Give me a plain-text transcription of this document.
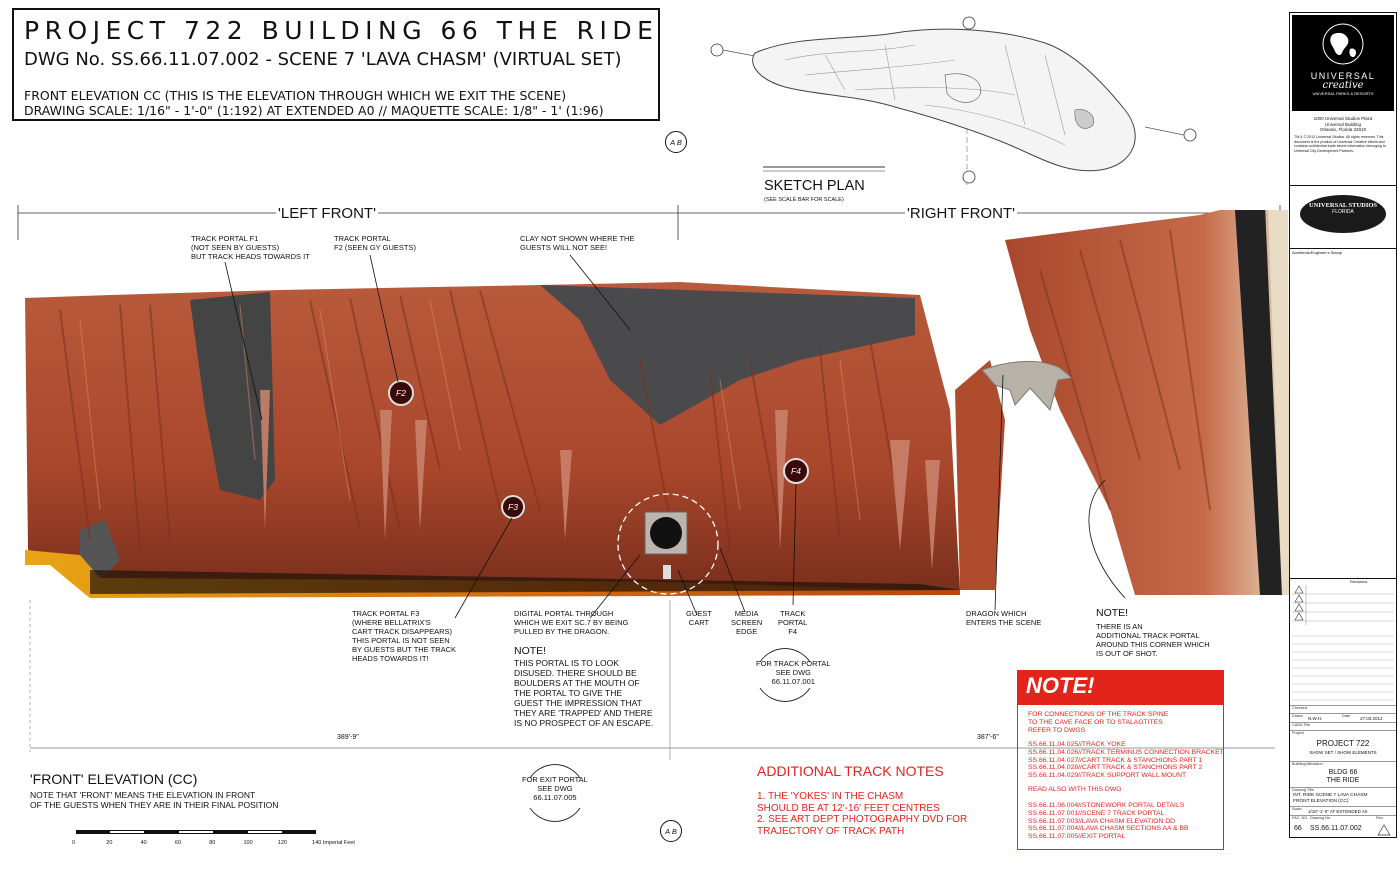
PROJECT 722 BUILDING 66 THE RIDE
DWG No. SS.66.11.07.002 - SCENE 7 'LAVA CHASM' (VIRTUAL SET)
FRONT ELEVATION CC (THIS IS THE ELEVATION THROUGH WHICH WE EXIT THE SCENE)
DRAWING SCALE: 1/16" - 1'-0" (1:192) AT EXTENDED A0 // MAQUETTE SCALE: 1/8" - 1' (1:96)
A B
A B
SKETCH PLAN
(SEE SCALE BAR FOR SCALE)
'LEFT FRONT'	'RIGHT FRONT'
F2
F3
F4
TRACK PORTAL F1
(NOT SEEN BY GUESTS)
BUT TRACK HEADS TOWARDS IT
TRACK PORTAL
F2 (SEEN GY GUESTS)
CLAY NOT SHOWN WHERE THE
GUESTS WILL NOT SEE!
TRACK PORTAL F3
(WHERE BELLATRIX'S
CART TRACK DISAPPEARS)
THIS PORTAL IS NOT SEEN
BY GUESTS BUT THE TRACK
HEADS TOWARDS IT!
DIGITAL PORTAL THROUGH
WHICH WE EXIT SC.7 BY BEING
PULLED BY THE DRAGON.
GUEST
CART
MEDIA
SCREEN
EDGE
TRACK
PORTAL
F4
DRAGON WHICH
ENTERS THE SCENE
NOTE!
THIS PORTAL IS TO LOOK
DISUSED. THERE SHOULD BE
BOULDERS AT THE MOUTH OF
THE PORTAL TO GIVE THE
GUEST THE IMPRESSION THAT
THEY ARE 'TRAPPED' AND THERE
IS NO PROSPECT OF AN ESCAPE.
NOTE!
THERE IS AN
ADDITIONAL TRACK PORTAL
AROUND THIS CORNER WHICH
IS OUT OF SHOT.
FOR TRACK PORTAL
SEE DWG
66.11.07.001
FOR EXIT PORTAL
SEE DWG
66.11.07.005
389'-9"	387'-6"
'FRONT' ELEVATION (CC)
NOTE THAT 'FRONT' MEANS THE ELEVATION IN FRONT
OF THE GUESTS WHEN THEY ARE IN THEIR FINAL POSITION
0	20	40	60	80	100	120	140 Imperial Feet
ADDITIONAL TRACK NOTES
1. THE 'YOKES' IN THE CHASM
SHOULD BE AT 12'-16' FEET CENTRES
2. SEE ART DEPT PHOTOGRAPHY DVD FOR
TRAJECTORY OF TRACK PATH
NOTE!
FOR CONNECTIONS OF THE TRACK SPINE
TO THE CAVE FACE OR TO STALAGTITES
REFER TO DWGS
SS.66.11.04.025//TRACK YOKE
SS.66.11.04.026//TRACK TERMINUS CONNECTION BRACKET
SS.66.11.04.027//CART TRACK & STANCHIONS PART 1
SS.66.11.04.028//CART TRACK & STANCHIONS PART 2
SS.66.11.04.029//TRACK SUPPORT WALL MOUNT
READ ALSO WITH THIS DWG
SS.66.11.06.004//STONEWORK PORTAL DETAILS
SS.66.11.07.001//SCENE 7 TRACK PORTAL
SS.66.11.07.003//LAVA CHASM ELEVATION DD
SS.66.11.07.004//LAVA CHASM SECTIONS AA & BB
SS.66.11.07.005//EXIT PORTAL
UNIVERSAL
creative
UNIVERSAL PARKS & RESORTS
1000 Universal Studios Plaza
Universal Building
Orlando, Florida 32819
TM & © 2012 Universal Studios. All rights reserved. This document is the product of Universal Creative efforts and contains confidential trade secret information belonging to Universal City Development Partners.
UNIVERSAL STUDIOS
FLORIDA
Architects/Engineer's Stamp
Revisions
Checked
Drawn N.W.H.	Date 27.03.2012
CADD File
Project
PROJECT 722
SHOW SET / SHOW ELEMENTS
Building/Attraction
BLDG 66
THE RIDE
Drawing Title
INT. RIDE SCENE 7 LAVA CHASM
FRONT ELEVATION (CC)
Scale 1/16"-1'-0" AT EXTENDED A0
FAC. NO.
66
Drawing No.
SS.66.11.07.002
Rev.
